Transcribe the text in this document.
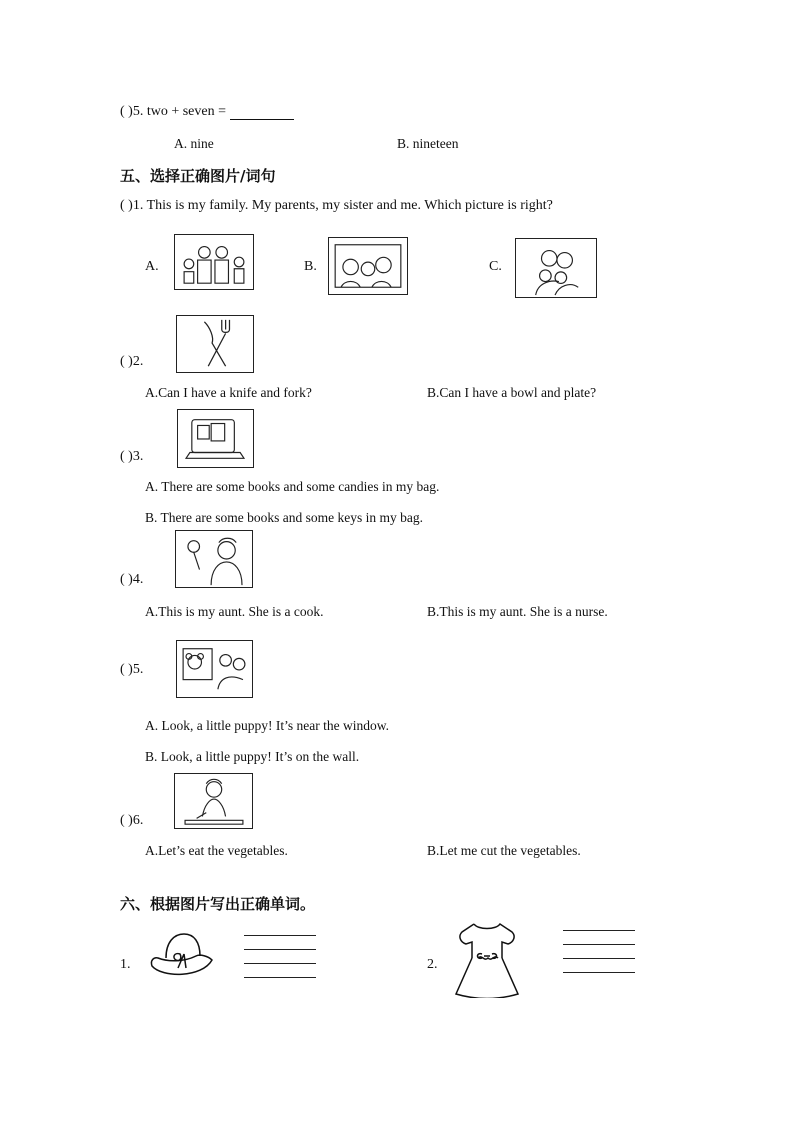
( )5. two + seven =
A. nine	B. nineteen
五、选择正确图片/词句
( )1. This is my family. My parents, my sister and me. Which picture is right?
A.	B.	C.
( )2.
A.Can I have a knife and fork?	B.Can I have a bowl and plate?
( )3.
A. There are some books and some candies in my bag.
B. There are some books and some keys in my bag.
( )4.
A.This is my aunt. She is a cook.	B.This is my aunt. She is a nurse.
( )5.
A. Look, a little puppy! It’s near the window.
B. Look, a little puppy! It’s on the wall.
( )6.
A.Let’s eat the vegetables.	B.Let me cut the vegetables.
六、根据图片写出正确单词。
1.	2.
